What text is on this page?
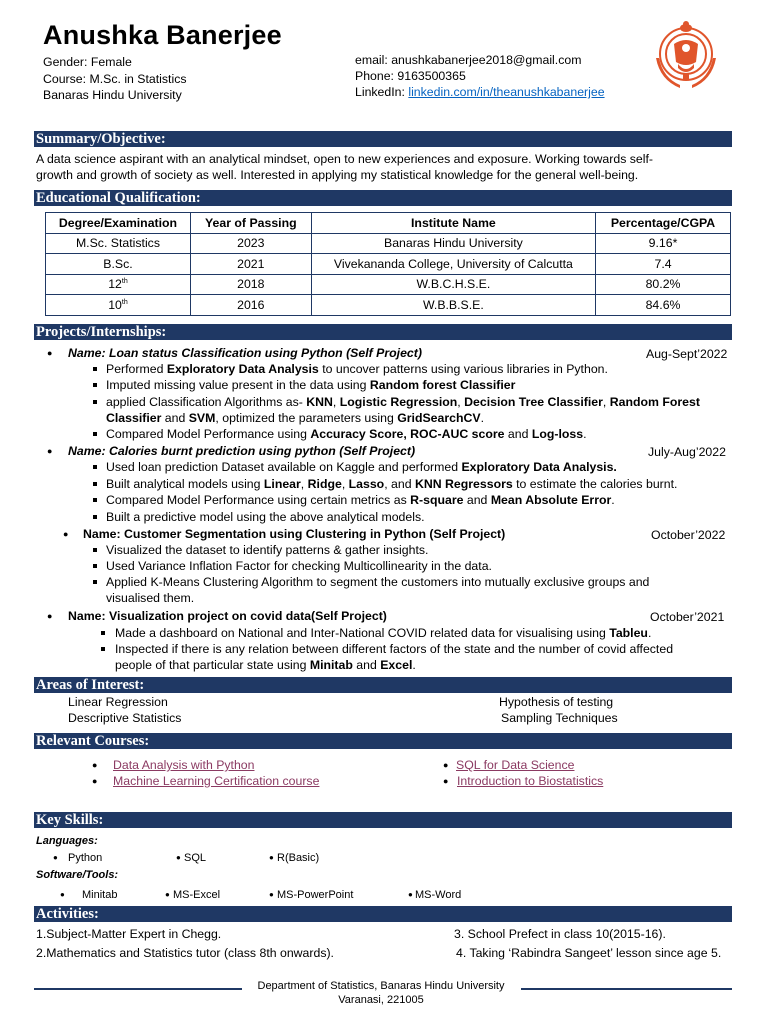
Anushka Banerjee
Gender: Female
Course: M.Sc. in Statistics
Banaras Hindu University
email: anushkabanerjee2018@gmail.com
Phone: 9163500365
LinkedIn: linkedin.com/in/theanushkabanerjee
Summary/Objective:
A data science aspirant with an analytical mindset, open to new experiences and exposure. Working towards self-
growth and growth of society as well. Interested in applying my statistical knowledge for the general well-being.
Educational Qualification:
Degree/Examination	Year of Passing	Institute Name	Percentage/CGPA
M.Sc. Statistics	2023	Banaras Hindu University	9.16*
B.Sc.	2021	Vivekananda College, University of Calcutta	7.4
12th	2018	W.B.C.H.S.E.	80.2%
10th	2016	W.B.B.S.E.	84.6%
Projects/Internships:
● Name: Loan status Classification using Python (Self Project)	Aug-Sept’2022
Performed Exploratory Data Analysis to uncover patterns using various libraries in Python.
Imputed missing value present in the data using Random forest Classifier
applied Classification Algorithms as- KNN, Logistic Regression, Decision Tree Classifier, Random Forest
Classifier and SVM, optimized the parameters using GridSearchCV.
Compared Model Performance using Accuracy Score, ROC-AUC score and Log-loss.
● Name: Calories burnt prediction using python (Self Project)	July-Aug’2022
Used loan prediction Dataset available on Kaggle and performed Exploratory Data Analysis.
Built analytical models using Linear, Ridge, Lasso, and KNN Regressors to estimate the calories burnt.
Compared Model Performance using certain metrics as R-square and Mean Absolute Error.
Built a predictive model using the above analytical models.
● Name: Customer Segmentation using Clustering in Python (Self Project)	October’2022
Visualized the dataset to identify patterns & gather insights.
Used Variance Inflation Factor for checking Multicollinearity in the data.
Applied K-Means Clustering Algorithm to segment the customers into mutually exclusive groups and
visualised them.
● Name: Visualization project on covid data(Self Project)	October’2021
Made a dashboard on National and Inter-National COVID related data for visualising using Tableu.
Inspected if there is any relation between different factors of the state and the number of covid affected
people of that particular state using Minitab and Excel.
Areas of Interest:
Linear Regression
Descriptive Statistics
Hypothesis of testing
Sampling Techniques
Relevant Courses:
● Data Analysis with Python
● Machine Learning Certification course
● SQL for Data Science
● Introduction to Biostatistics
Key Skills:
Languages:
● Python	● SQL	● R(Basic)
Software/Tools:
● Minitab	● MS-Excel	● MS-PowerPoint	● MS-Word
Activities:
1.Subject-Matter Expert in Chegg.
2.Mathematics and Statistics tutor (class 8th onwards).
3. School Prefect in class 10(2015-16).
4. Taking ‘Rabindra Sangeet’ lesson since age 5.
Department of Statistics, Banaras Hindu University
Varanasi, 221005
